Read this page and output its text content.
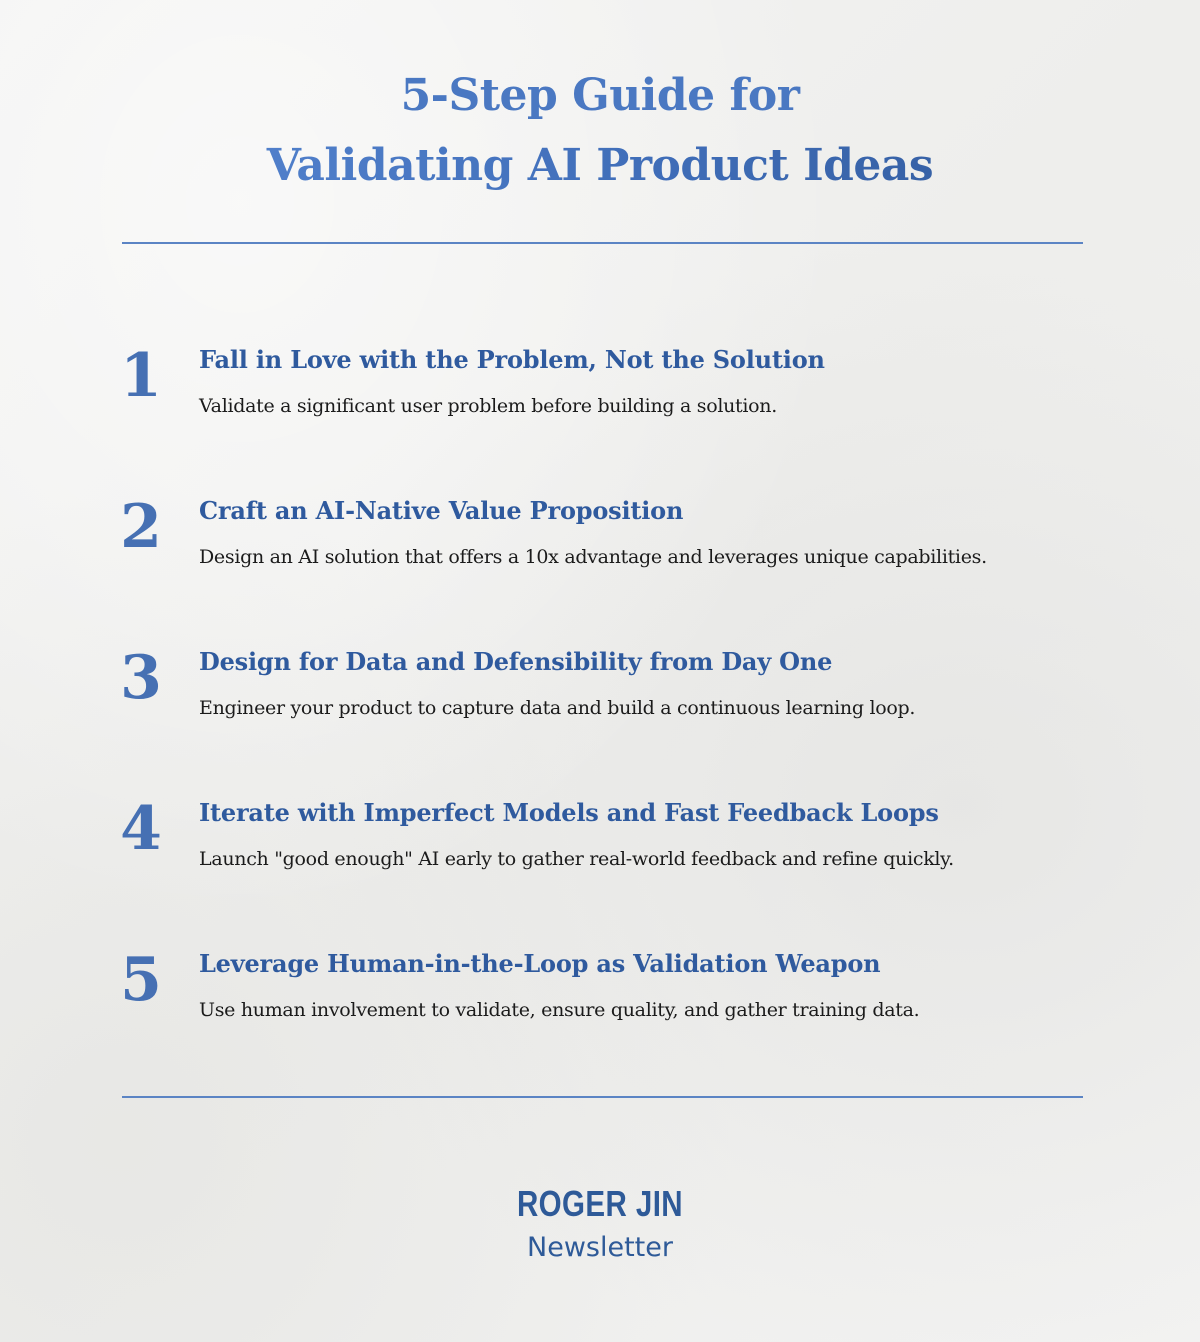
5-Step Guide for
Validating AI Product Ideas
1 Fall in Love with the Problem, Not the Solution
Validate a significant user problem before building a solution.
2 Craft an AI-Native Value Proposition
Design an AI solution that offers a 10x advantage and leverages unique capabilities.
3 Design for Data and Defensibility from Day One
Engineer your product to capture data and build a continuous learning loop.
4 Iterate with Imperfect Models and Fast Feedback Loops
Launch "good enough" AI early to gather real-world feedback and refine quickly.
5 Leverage Human-in-the-Loop as Validation Weapon
Use human involvement to validate, ensure quality, and gather training data.
ROGER JIN
Newsletter
